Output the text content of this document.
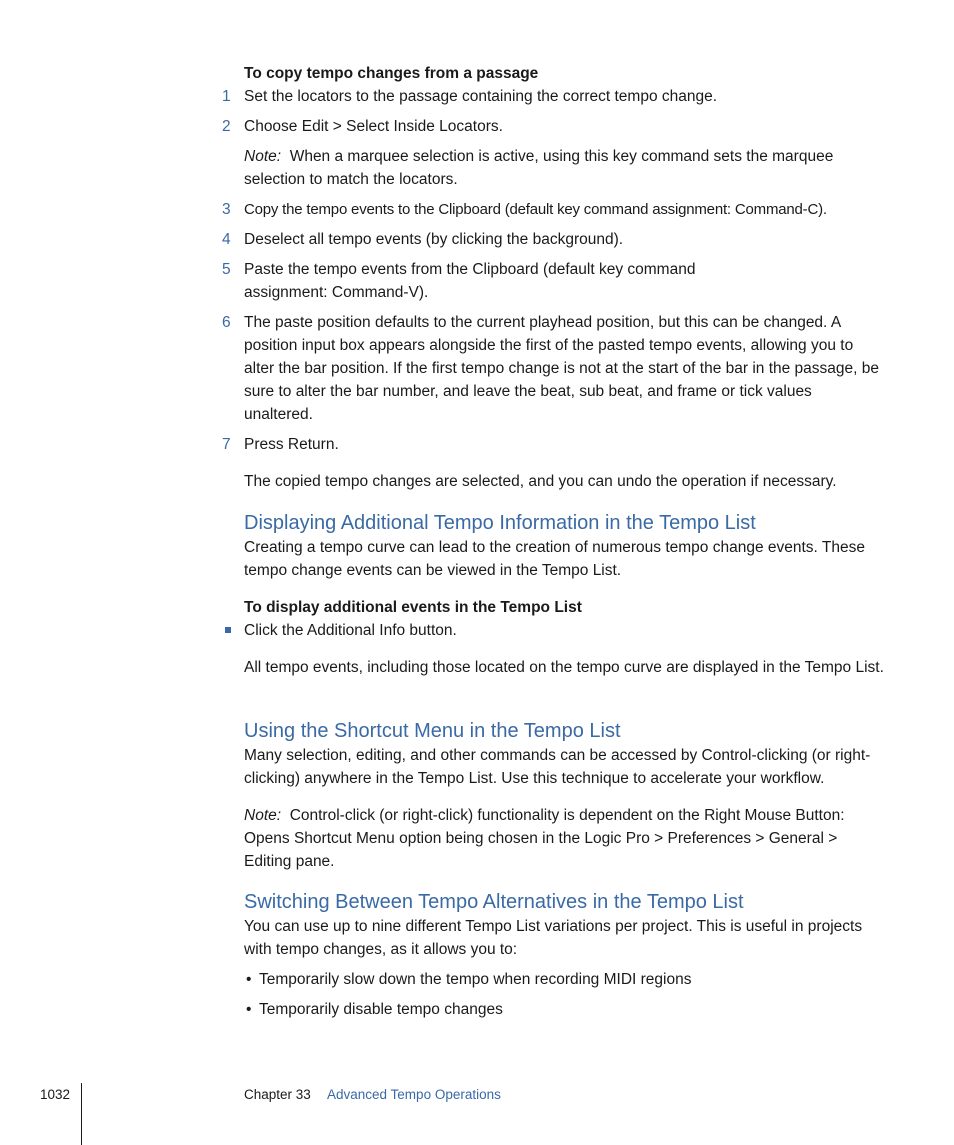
To copy tempo changes from a passage
1 Set the locators to the passage containing the correct tempo change.
2 Choose Edit > Select Inside Locators.
Note: When a marquee selection is active, using this key command sets the marquee selection to match the locators.
3 Copy the tempo events to the Clipboard (default key command assignment: Command-C).
4 Deselect all tempo events (by clicking the background).
5 Paste the tempo events from the Clipboard (default key command assignment: Command-V).
6 The paste position defaults to the current playhead position, but this can be changed. A position input box appears alongside the first of the pasted tempo events, allowing you to alter the bar position. If the first tempo change is not at the start of the bar in the passage, be sure to alter the bar number, and leave the beat, sub beat, and frame or tick values unaltered.
7 Press Return.
The copied tempo changes are selected, and you can undo the operation if necessary.
Displaying Additional Tempo Information in the Tempo List
Creating a tempo curve can lead to the creation of numerous tempo change events. These tempo change events can be viewed in the Tempo List.
To display additional events in the Tempo List
Click the Additional Info button.
All tempo events, including those located on the tempo curve are displayed in the Tempo List.
Using the Shortcut Menu in the Tempo List
Many selection, editing, and other commands can be accessed by Control-clicking (or right-clicking) anywhere in the Tempo List. Use this technique to accelerate your workflow.
Note: Control-click (or right-click) functionality is dependent on the Right Mouse Button: Opens Shortcut Menu option being chosen in the Logic Pro > Preferences > General > Editing pane.
Switching Between Tempo Alternatives in the Tempo List
You can use up to nine different Tempo List variations per project. This is useful in projects with tempo changes, as it allows you to:
• Temporarily slow down the tempo when recording MIDI regions
• Temporarily disable tempo changes
1032	Chapter 33 Advanced Tempo Operations
